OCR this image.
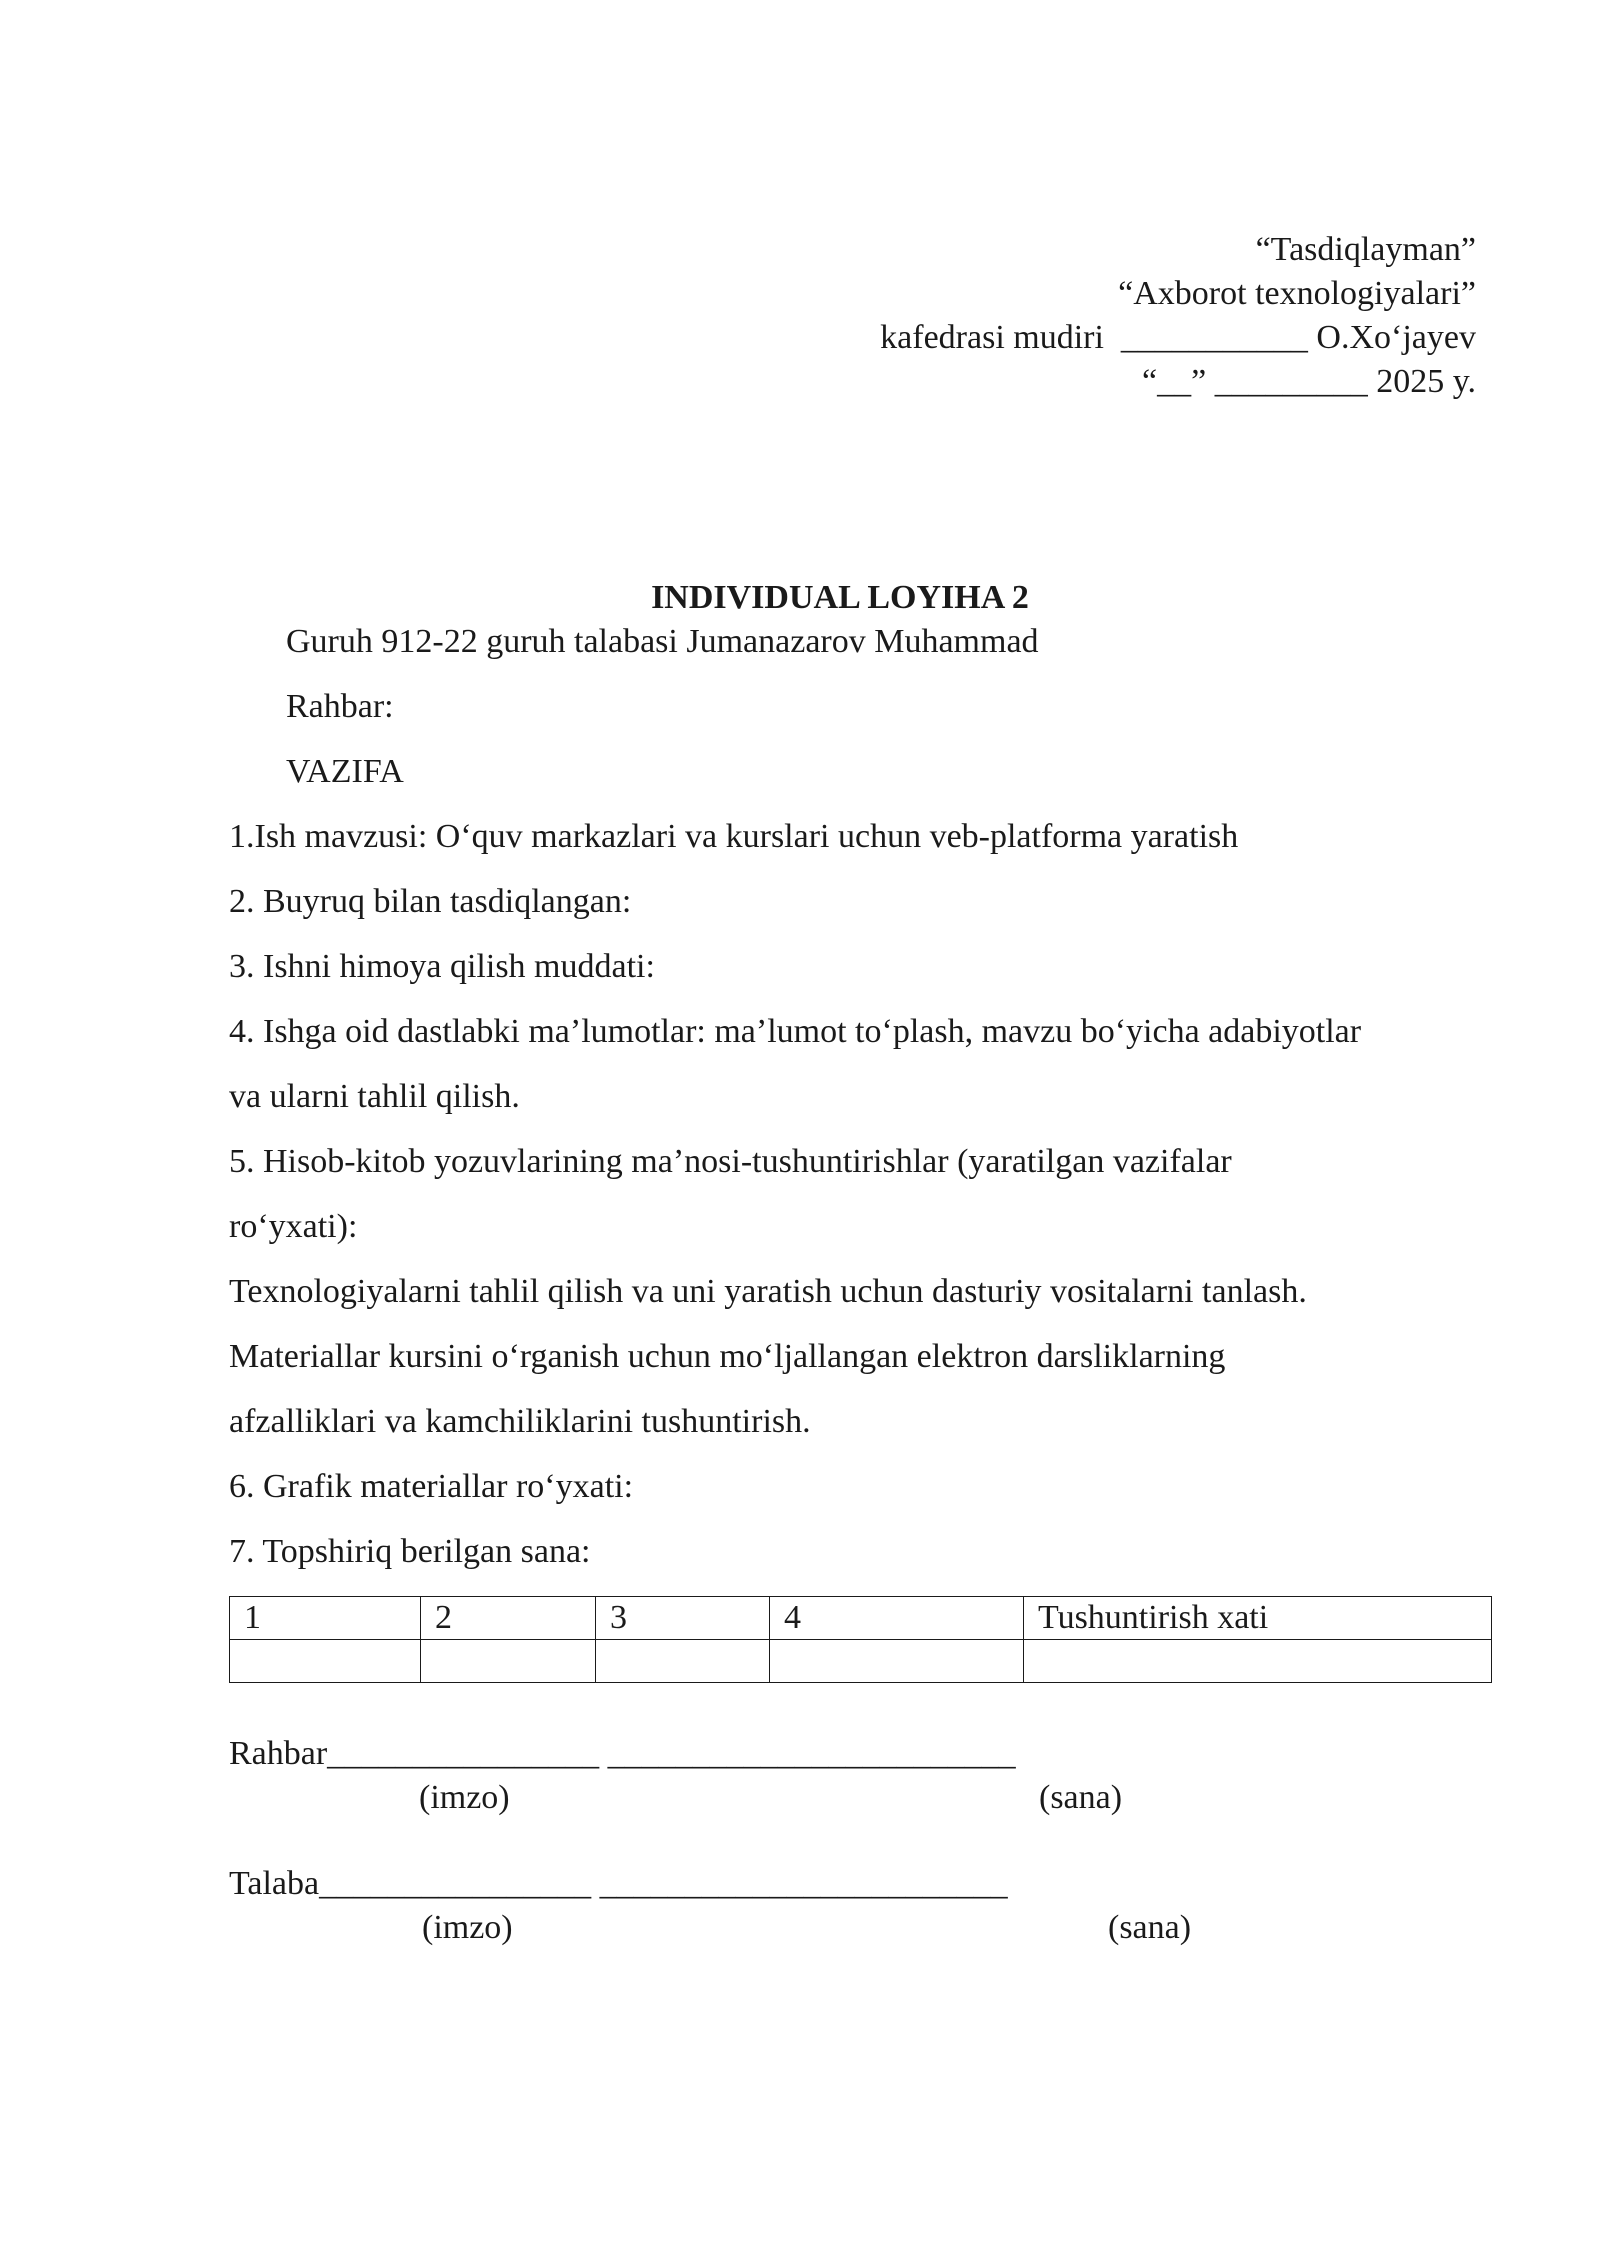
“Tasdiqlayman”
“Axborot texnologiyalari”
kafedrasi mudiri  ___________ O.Xo‘jayev
“__” _________ 2025 y.
INDIVIDUAL LOYIHA 2
Guruh 912-22 guruh talabasi Jumanazarov Muhammad
Rahbar:
VAZIFA
1.Ish mavzusi: O‘quv markazlari va kurslari uchun veb-platforma yaratish
2. Buyruq bilan tasdiqlangan:
3. Ishni himoya qilish muddati:
4. Ishga oid dastlabki ma’lumotlar: ma’lumot to‘plash, mavzu bo‘yicha adabiyotlar
va ularni tahlil qilish.
5. Hisob-kitob yozuvlarining ma’nosi-tushuntirishlar (yaratilgan vazifalar
ro‘yxati):
Texnologiyalarni tahlil qilish va uni yaratish uchun dasturiy vositalarni tanlash.
Materiallar kursini o‘rganish uchun mo‘ljallangan elektron darsliklarning
afzalliklari va kamchiliklarini tushuntirish.
6. Grafik materiallar ro‘yxati:
7. Topshiriq berilgan sana:
1	2	3	4	Tushuntirish xati

Rahbar________________ ________________________
(imzo)	(sana)
Talaba________________ ________________________
(imzo)	(sana)
